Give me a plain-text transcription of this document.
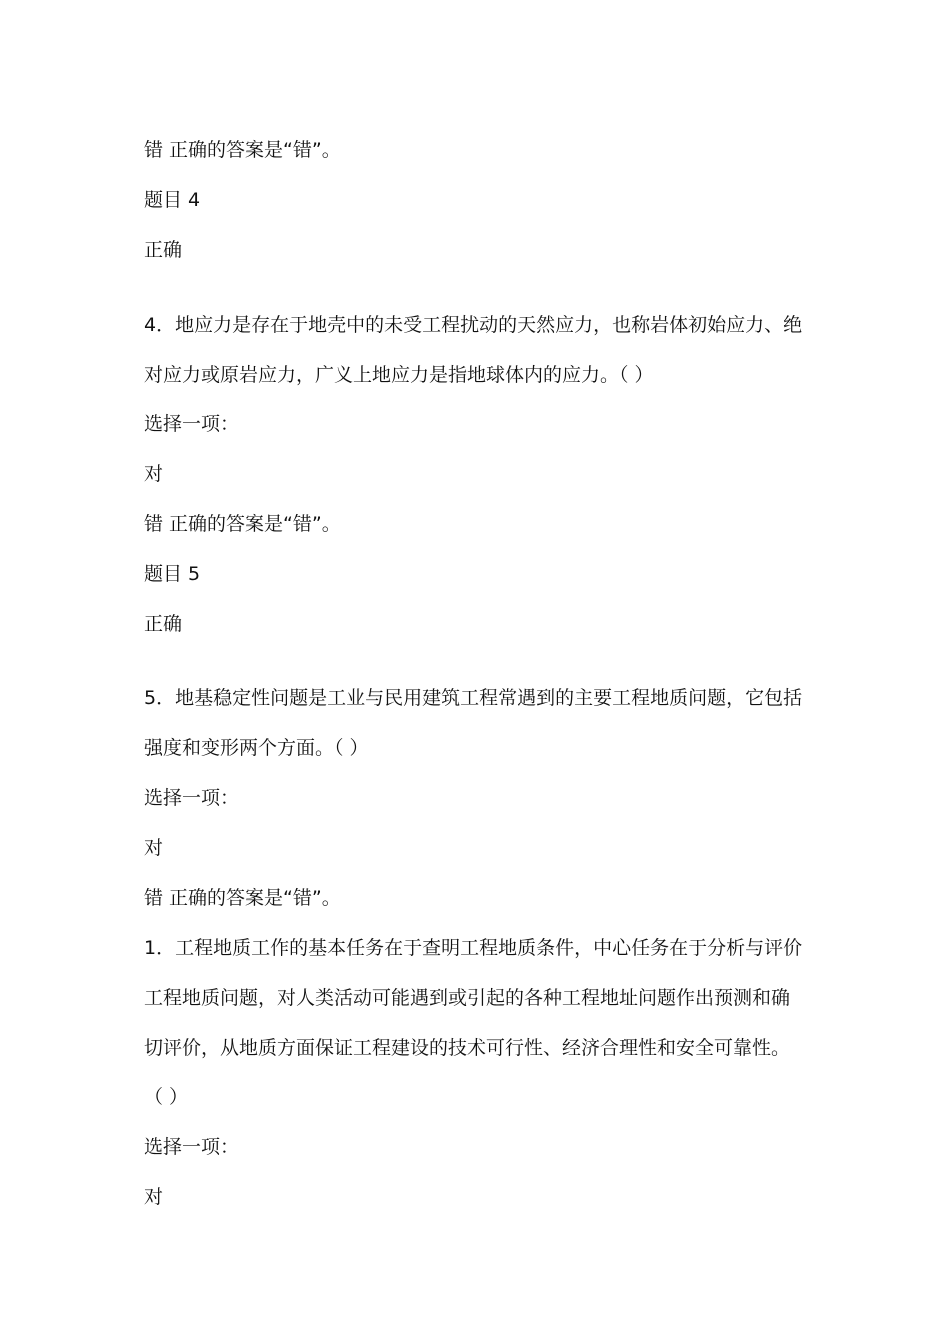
错 正确的答案是“错”。

题目 4

正确

4．地应力是存在于地壳中的未受工程扰动的天然应力，也称岩体初始应力、绝

对应力或原岩应力，广义上地应力是指地球体内的应力。（ ）

选择一项：

对

错 正确的答案是“错”。

题目 5

正确

5．地基稳定性问题是工业与民用建筑工程常遇到的主要工程地质问题，它包括

强度和变形两个方面。（ ）

选择一项：

对

错 正确的答案是“错”。

1．工程地质工作的基本任务在于查明工程地质条件，中心任务在于分析与评价

工程地质问题，对人类活动可能遇到或引起的各种工程地址问题作出预测和确

切评价，从地质方面保证工程建设的技术可行性、经济合理性和安全可靠性。

（ ）

选择一项：

对
